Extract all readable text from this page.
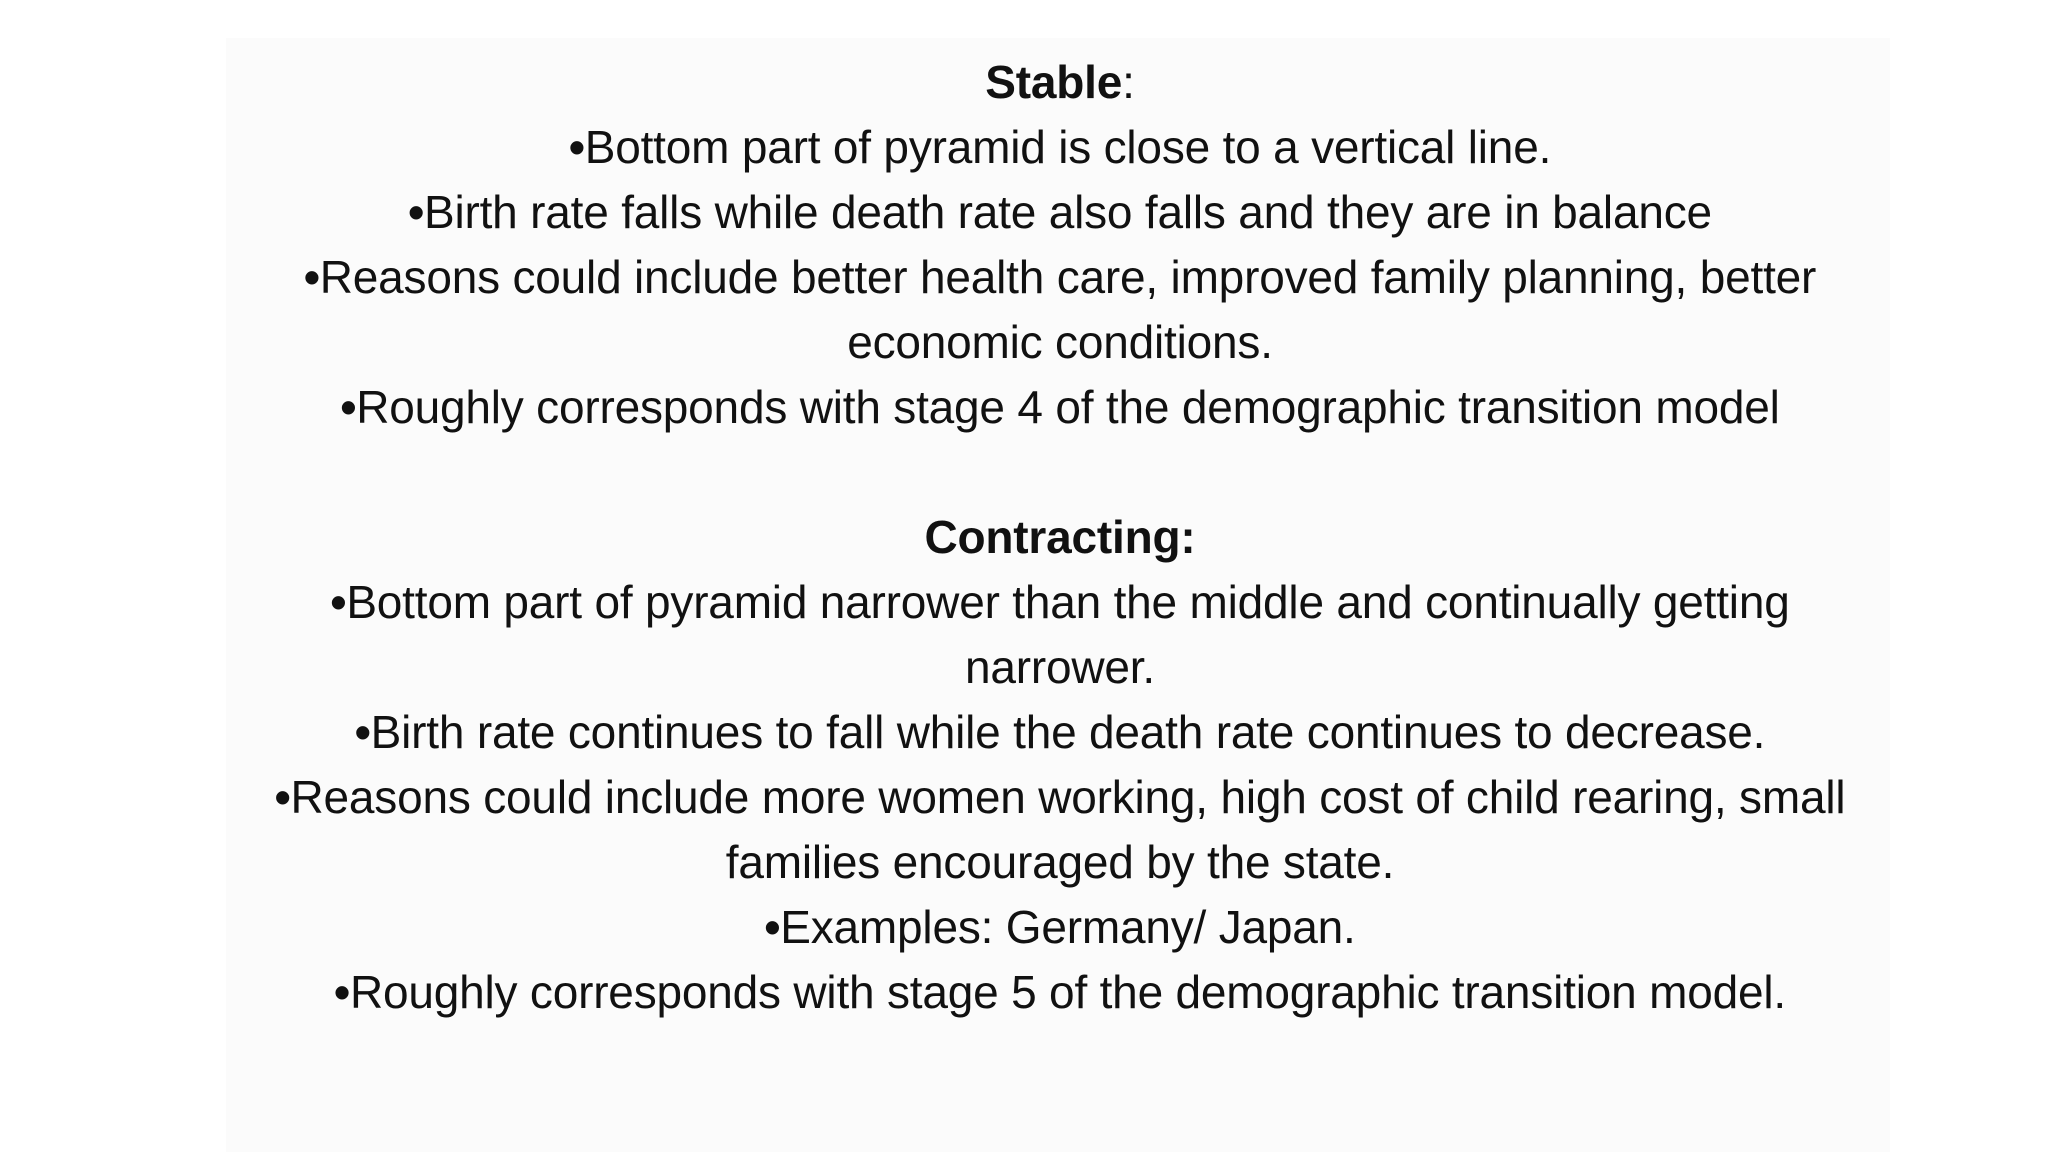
Stable:

•Bottom part of pyramid is close to a vertical line.

•Birth rate falls while death rate also falls and they are in balance

•Reasons could include better health care, improved family planning, better economic conditions.

•Roughly corresponds with stage 4 of the demographic transition model

Contracting:

•Bottom part of pyramid narrower than the middle and continually getting narrower.

•Birth rate continues to fall while the death rate continues to decrease.

•Reasons could include more women working, high cost of child rearing, small families encouraged by the state.

•Examples: Germany/ Japan.

•Roughly corresponds with stage 5 of the demographic transition model.
